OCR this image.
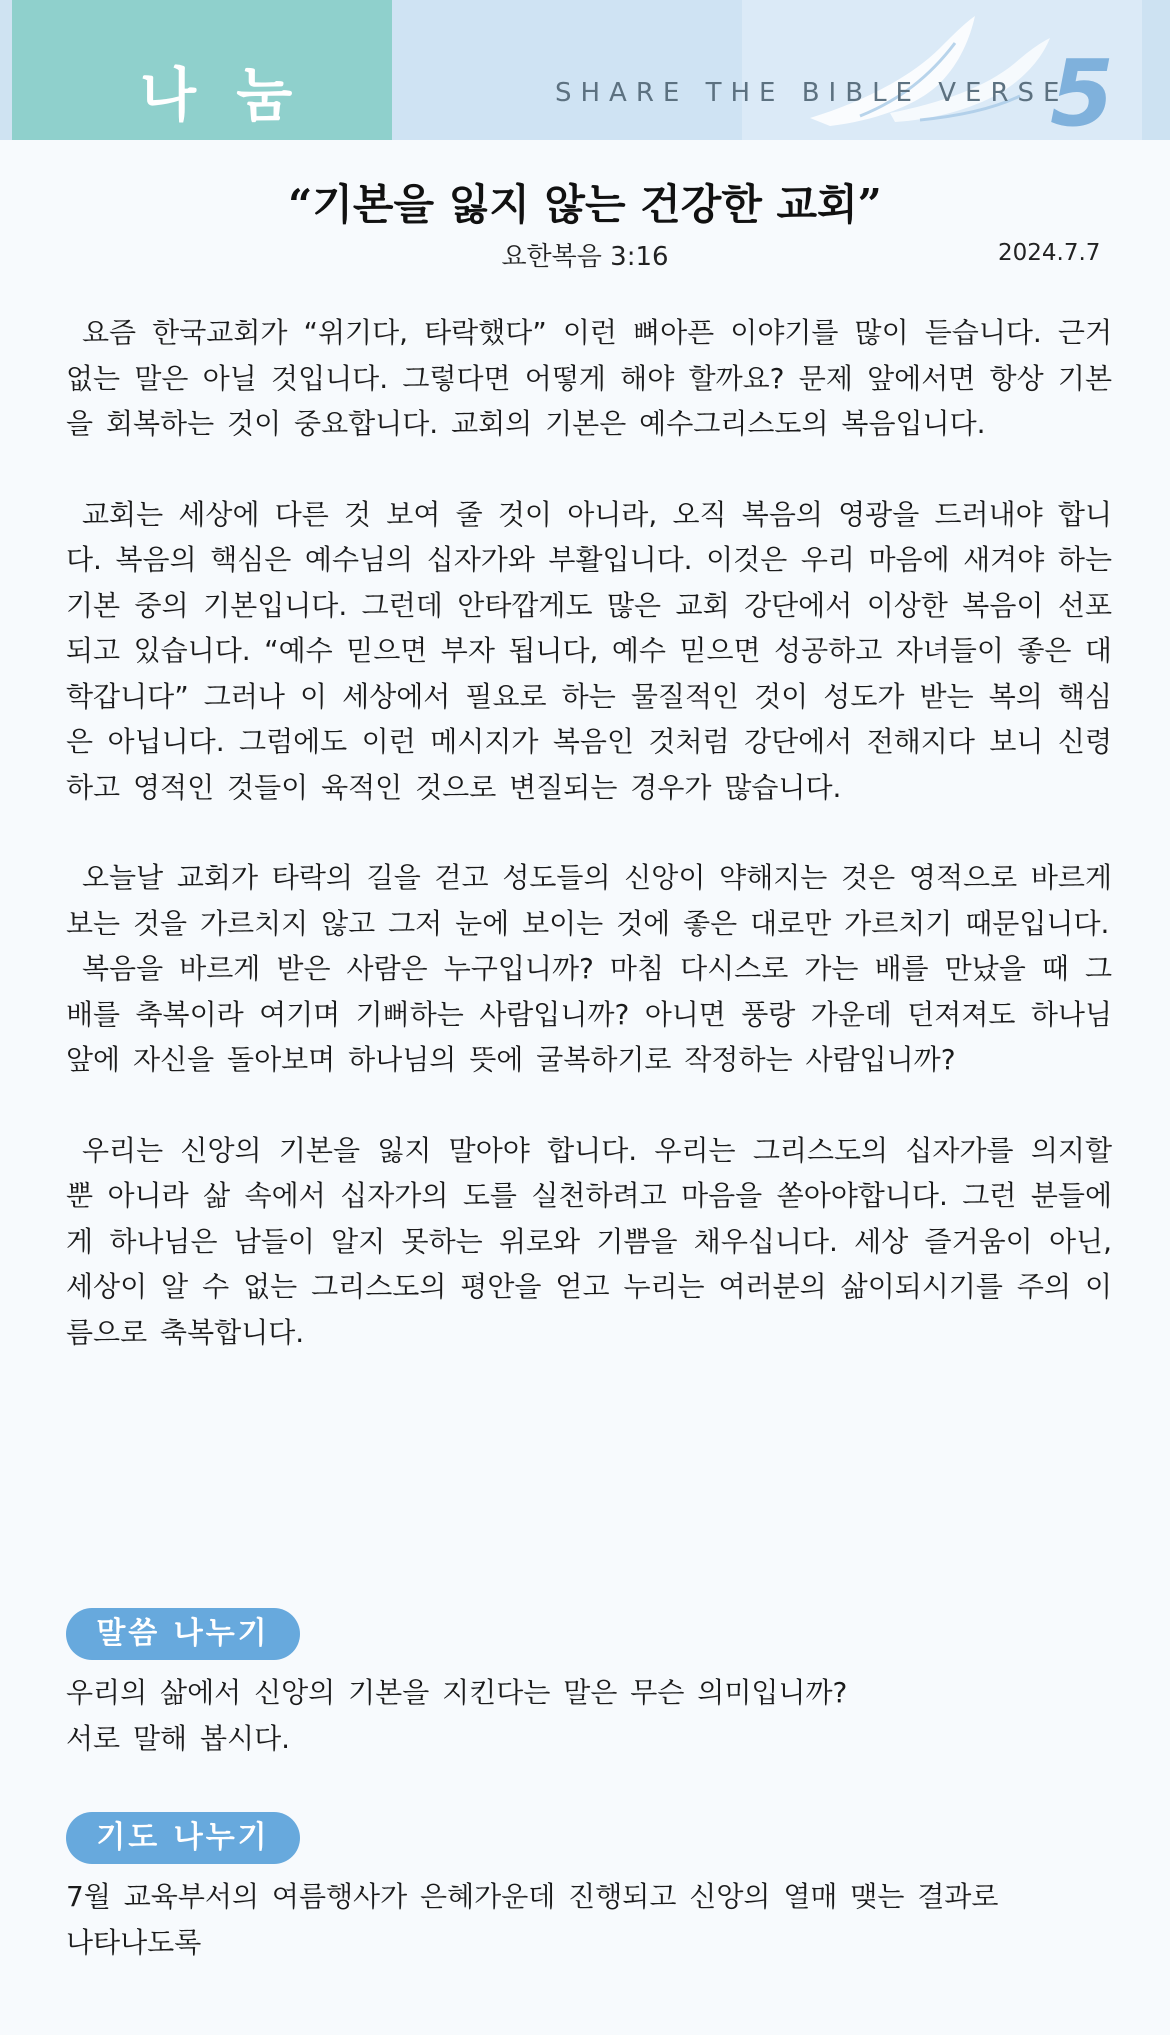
나 눔	SHARE THE BIBLE VERSE
5
“기본을 잃지 않는 건강한 교회”
요한복음 3:16	2024.7.7

요즘 한국교회가 “위기다, 타락했다” 이런 뼈아픈 이야기를 많이 듣습니다. 근거 없는 말은 아닐 것입니다. 그렇다면 어떻게 해야 할까요? 문제 앞에서면 항상 기본을 회복하는 것이 중요합니다. 교회의 기본은 예수그리스도의 복음입니다.

교회는 세상에 다른 것 보여 줄 것이 아니라, 오직 복음의 영광을 드러내야 합니다. 복음의 핵심은 예수님의 십자가와 부활입니다. 이것은 우리 마음에 새겨야 하는 기본 중의 기본입니다. 그런데 안타깝게도 많은 교회 강단에서 이상한 복음이 선포되고 있습니다. “예수 믿으면 부자 됩니다, 예수 믿으면 성공하고 자녀들이 좋은 대학갑니다” 그러나 이 세상에서 필요로 하는 물질적인 것이 성도가 받는 복의 핵심은 아닙니다. 그럼에도 이런 메시지가 복음인 것처럼 강단에서 전해지다 보니 신령하고 영적인 것들이 육적인 것으로 변질되는 경우가 많습니다.

오늘날 교회가 타락의 길을 걷고 성도들의 신앙이 약해지는 것은 영적으로 바르게 보는 것을 가르치지 않고 그저 눈에 보이는 것에 좋은 대로만 가르치기 때문입니다.

복음을 바르게 받은 사람은 누구입니까? 마침 다시스로 가는 배를 만났을 때 그 배를 축복이라 여기며 기뻐하는 사람입니까? 아니면 풍랑 가운데 던져져도 하나님 앞에 자신을 돌아보며 하나님의 뜻에 굴복하기로 작정하는 사람입니까?

우리는 신앙의 기본을 잃지 말아야 합니다. 우리는 그리스도의 십자가를 의지할 뿐 아니라 삶 속에서 십자가의 도를 실천하려고 마음을 쏟아야합니다. 그런 분들에게 하나님은 남들이 알지 못하는 위로와 기쁨을 채우십니다. 세상 즐거움이 아닌, 세상이 알 수 없는 그리스도의 평안을 얻고 누리는 여러분의 삶이되시기를 주의 이름으로 축복합니다.

말씀 나누기
우리의 삶에서 신앙의 기본을 지킨다는 말은 무슨 의미입니까?
서로 말해 봅시다.
기도 나누기
7월 교육부서의 여름행사가 은혜가운데 진행되고 신앙의 열매 맺는 결과로
나타나도록
